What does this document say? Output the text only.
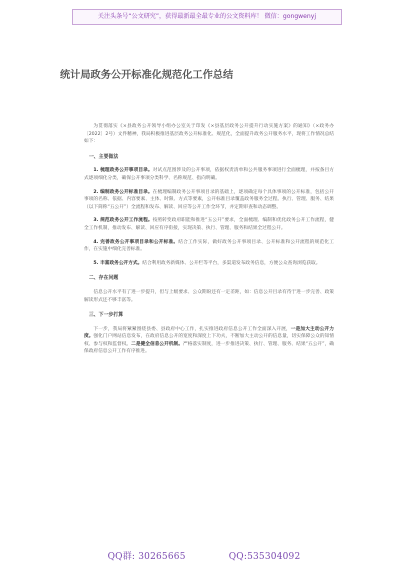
关注头条号“公文研究”，获得最新最全最专业的公文资料库！ 微信：gongwenyj
统计局政务公开标准化规范化工作总结

为贯彻落实《×县政务公开领导小组办公室关于印发《×县基层政务公开提升行动实施方案》的通知》（×政务办〔2022〕2号）文件精神，我局积极推进基层政务公开标准化、规范化，全面提升政务公开服务水平，现将工作情况总结如下：

一、主要做法

1. 梳理政务公开事项目录。对试点范围涉及的公开事项，依据权责清单和公共服务事项进行全面梳理，并按条目方式逐项细化分类，确保公开事项分类科学、名称规范、指向明确。

2. 编制政务公开标准目录。在梳理编制政务公开事项目录的基础上，逐项确定每个具体事项的公开标准，包括公开事项的名称、依据、内容要素、主体、时限、方式等要素，公开标准目录覆盖政务服务全过程。执行、管理、服务、结果（以下简称“五公开”）全流程和发布、解读、回应等公开工作全环节，并定期审查和动态调整。

3. 规范政务公开工作流程。按照转变政府职能和推进“五公开”要求，全面梳理、编制和优化政务公开工作流程，健全工作机制，推动发布、解读、回应有序衔接，实现决策、执行、管理、服务和结果全过程公开。

4. 完善政务公开事项目录和公开标准。结合工作实际，做好政务公开事项目录、公开标准和公开流程的规范化工作，在实施中细化完善标准。

5. 丰富政务公开方式。结合利用政务新媒体、公开栏等平台，多渠道发布政务信息，方便公众查询浏览获取。

二、存在问题

信息公开水平有了进一步提升，但与上级要求、公众期盼还有一定差距，如：信息公开目录有待于进一步完善、政策解读形式还不够丰富等。

三、下一步打算

下一步，我局将紧紧围绕县委、县政府中心工作，扎实推进政府信息公开工作全面深入开展，一是加大主动公开力度。强化门户网站信息发布，在政府信息公开的宽度和深度上下功夫，不断加大主动公开的信息量，切实保障公众的知情权、参与权和监督权。二是健全信息公开机制。严格落实制度，进一步推进决策、执行、管理、服务、结果“五公开”，确保政府信息公开工作有序推进。

QQ群: 30265665	QQ:535304092
